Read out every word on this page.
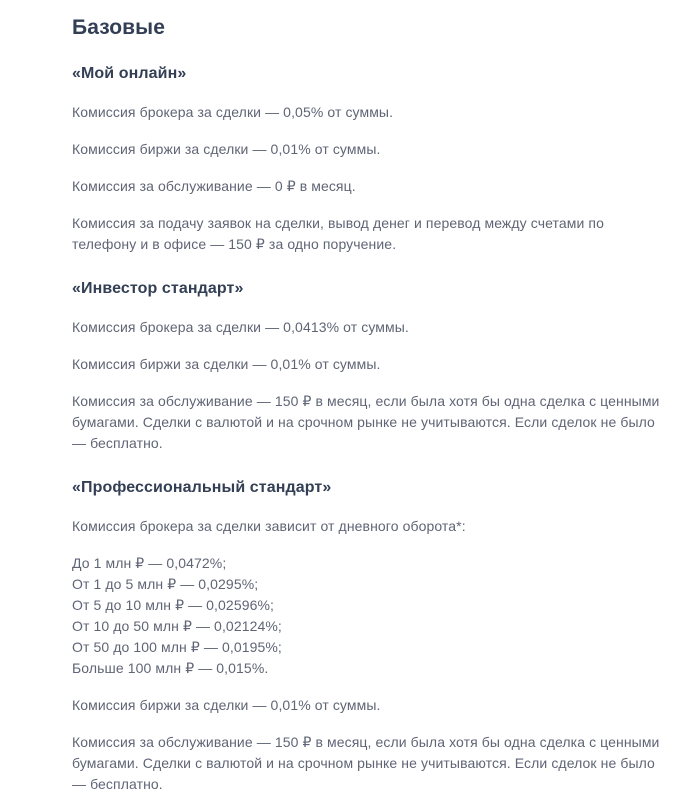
Базовые
«Мой онлайн»

Комиссия брокера за сделки — 0,05% от суммы.

Комиссия биржи за сделки — 0,01% от суммы.

Комиссия за обслуживание — 0 ₽ в месяц.

Комиссия за подачу заявок на сделки, вывод денег и перевод между счетами по телефону и в офисе — 150 ₽ за одно поручение.

«Инвестор стандарт»

Комиссия брокера за сделки — 0,0413% от суммы.

Комиссия биржи за сделки — 0,01% от суммы.

Комиссия за обслуживание — 150 ₽ в месяц, если была хотя бы одна сделка с ценными бумагами. Сделки с валютой и на срочном рынке не учитываются. Если сделок не было — бесплатно.

«Профессиональный стандарт»

Комиссия брокера за сделки зависит от дневного оборота*:

До 1 млн ₽ — 0,0472%;
От 1 до 5 млн ₽ — 0,0295%;
От 5 до 10 млн ₽ — 0,02596%;
От 10 до 50 млн ₽ — 0,02124%;
От 50 до 100 млн ₽ — 0,0195%;
Больше 100 млн ₽ — 0,015%.

Комиссия биржи за сделки — 0,01% от суммы.

Комиссия за обслуживание — 150 ₽ в месяц, если была хотя бы одна сделка с ценными бумагами. Сделки с валютой и на срочном рынке не учитываются. Если сделок не было — бесплатно.
